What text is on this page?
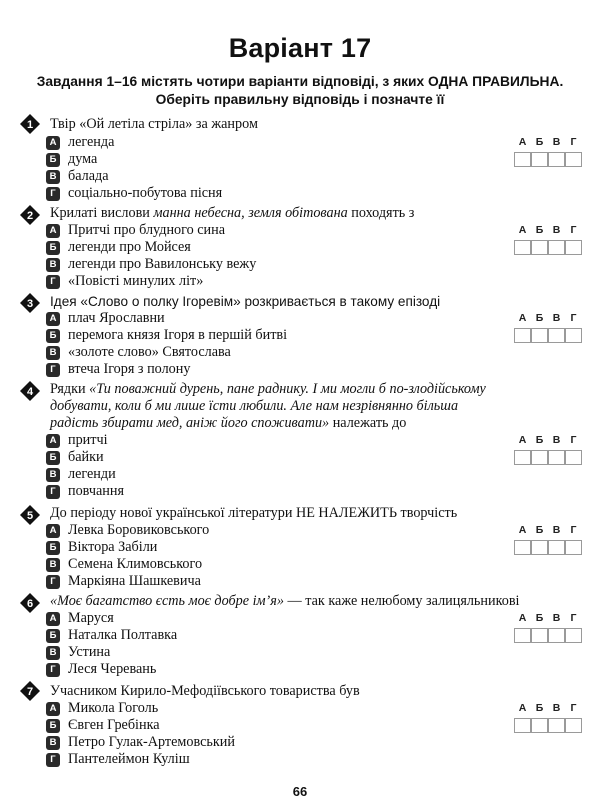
Варіант 17
Завдання 1–16 містять чотири варіанти відповіді, з яких ОДНА ПРАВИЛЬНА.
Оберіть правильну відповідь і позначте її
1 Твір «Ой летіла стріла» за жанром
А легенда
Б дума
В балада
Г соціально-побутова пісня
А Б В Г
2 Крилаті вислови манна небесна, земля обітована походять з
А Притчі про блудного сина
Б легенди про Мойсея
В легенди про Вавилонську вежу
Г «Повісті минулих літ»
А Б В Г
3 Ідея «Слово о полку Ігоревім» розкривається в такому епізоді
А плач Ярославни
Б перемога князя Ігоря в першій битві
В «золоте слово» Святослава
Г втеча Ігоря з полону
А Б В Г
4 Рядки «Ти поважний дурень, пане раднику. І ми могли б по-злодійському добувати, коли б ми лише їсти любили. Але нам незрівнянно більша радість збирати мед, аніж його споживати» належать до
А притчі
Б байки
В легенди
Г повчання
А Б В Г
5 До періоду нової української літератури НЕ НАЛЕЖИТЬ творчість
А Левка Боровиковського
Б Віктора Забіли
В Семена Климовського
Г Маркіяна Шашкевича
А Б В Г
6 «Моє багатство єсть моє добре ім’я» — так каже нелюбому залицяльникові
А Маруся
Б Наталка Полтавка
В Устина
Г Леся Черевань
А Б В Г
7 Учасником Кирило-Мефодіївського товариства був
А Микола Гоголь
Б Євген Гребінка
В Петро Гулак-Артемовський
Г Пантелеймон Куліш
А Б В Г
66
